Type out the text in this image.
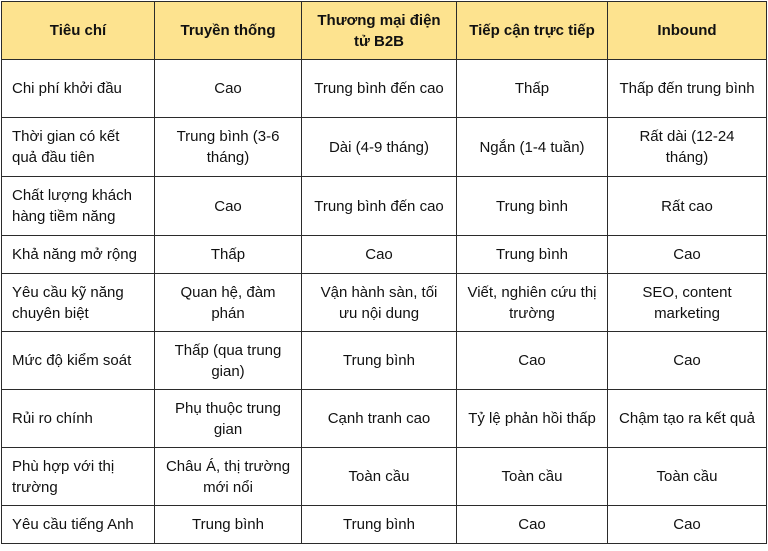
Tiêu chí	Truyền thống	Thương mại điện tử B2B	Tiếp cận trực tiếp	Inbound
Chi phí khởi đầu	Cao	Trung bình đến cao	Thấp	Thấp đến trung bình
Thời gian có kết quả đầu tiên	Trung bình (3-6 tháng)	Dài (4-9 tháng)	Ngắn (1-4 tuần)	Rất dài (12-24 tháng)
Chất lượng khách hàng tiềm năng	Cao	Trung bình đến cao	Trung bình	Rất cao
Khả năng mở rộng	Thấp	Cao	Trung bình	Cao
Yêu cầu kỹ năng chuyên biệt	Quan hệ, đàm phán	Vận hành sàn, tối ưu nội dung	Viết, nghiên cứu thị trường	SEO, content marketing
Mức độ kiểm soát	Thấp (qua trung gian)	Trung bình	Cao	Cao
Rủi ro chính	Phụ thuộc trung gian	Cạnh tranh cao	Tỷ lệ phản hồi thấp	Chậm tạo ra kết quả
Phù hợp với thị trường	Châu Á, thị trường mới nổi	Toàn cầu	Toàn cầu	Toàn cầu
Yêu cầu tiếng Anh	Trung bình	Trung bình	Cao	Cao
